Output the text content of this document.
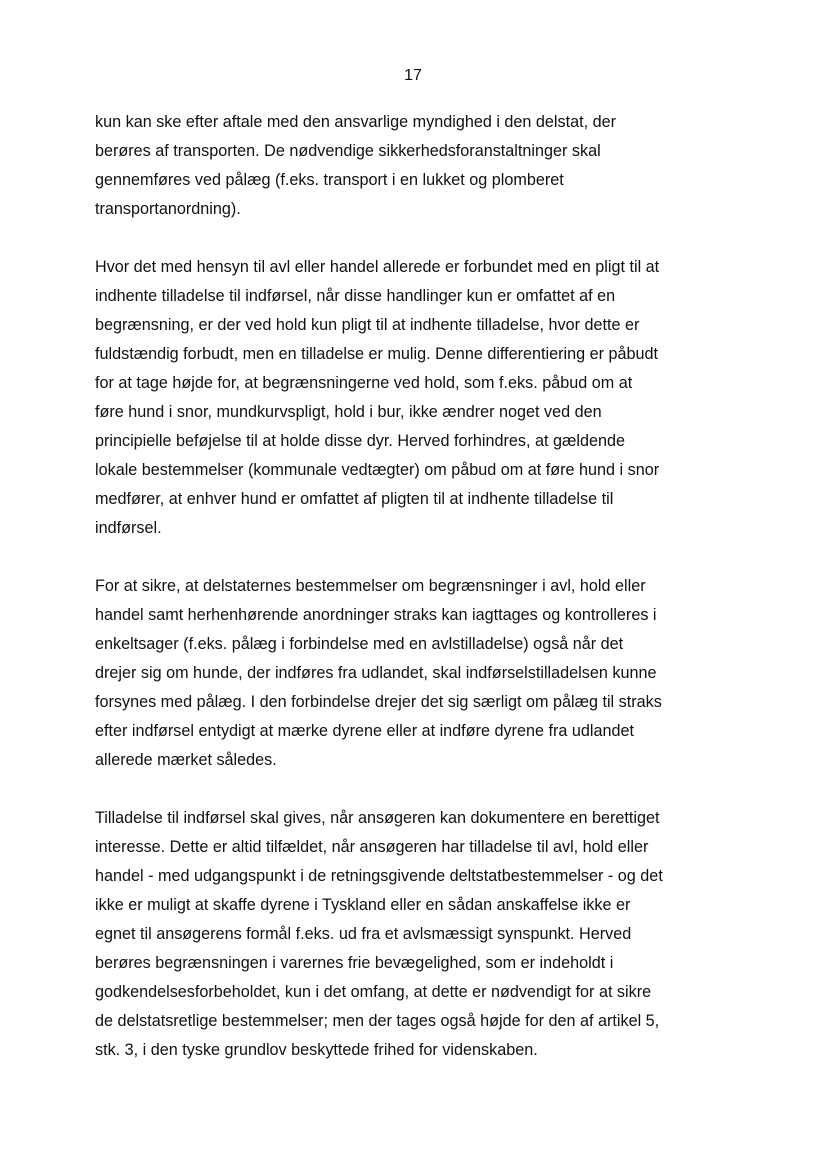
17
kun kan ske efter aftale med den ansvarlige myndighed i den delstat, der
berøres af transporten. De nødvendige sikkerhedsforanstaltninger skal
gennemføres ved pålæg (f.eks. transport i en lukket og plomberet
transportanordning).
Hvor det med hensyn til avl eller handel allerede er forbundet med en pligt til at
indhente tilladelse til indførsel, når disse handlinger kun er omfattet af en
begrænsning, er der ved hold kun pligt til at indhente tilladelse, hvor dette er
fuldstændig forbudt, men en tilladelse er mulig. Denne differentiering er påbudt
for at tage højde for, at begrænsningerne ved hold, som f.eks. påbud om at
føre hund i snor, mundkurvspligt, hold i bur, ikke ændrer noget ved den
principielle beføjelse til at holde disse dyr. Herved forhindres, at gældende
lokale bestemmelser (kommunale vedtægter) om påbud om at føre hund i snor
medfører, at enhver hund er omfattet af pligten til at indhente tilladelse til
indførsel.
For at sikre, at delstaternes bestemmelser om begrænsninger i avl, hold eller
handel samt herhenhørende anordninger straks kan iagttages og kontrolleres i
enkeltsager (f.eks. pålæg i forbindelse med en avlstilladelse) også når det
drejer sig om hunde, der indføres fra udlandet, skal indførselstilladelsen kunne
forsynes med pålæg. I den forbindelse drejer det sig særligt om pålæg til straks
efter indførsel entydigt at mærke dyrene eller at indføre dyrene fra udlandet
allerede mærket således.
Tilladelse til indførsel skal gives, når ansøgeren kan dokumentere en berettiget
interesse. Dette er altid tilfældet, når ansøgeren har tilladelse til avl, hold eller
handel - med udgangspunkt i de retningsgivende deltstatbestemmelser - og det
ikke er muligt at skaffe dyrene i Tyskland eller en sådan anskaffelse ikke er
egnet til ansøgerens formål f.eks. ud fra et avlsmæssigt synspunkt. Herved
berøres begrænsningen i varernes frie bevægelighed, som er indeholdt i
godkendelsesforbeholdet, kun i det omfang, at dette er nødvendigt for at sikre
de delstatsretlige bestemmelser; men der tages også højde for den af artikel 5,
stk. 3, i den tyske grundlov beskyttede frihed for videnskaben.
